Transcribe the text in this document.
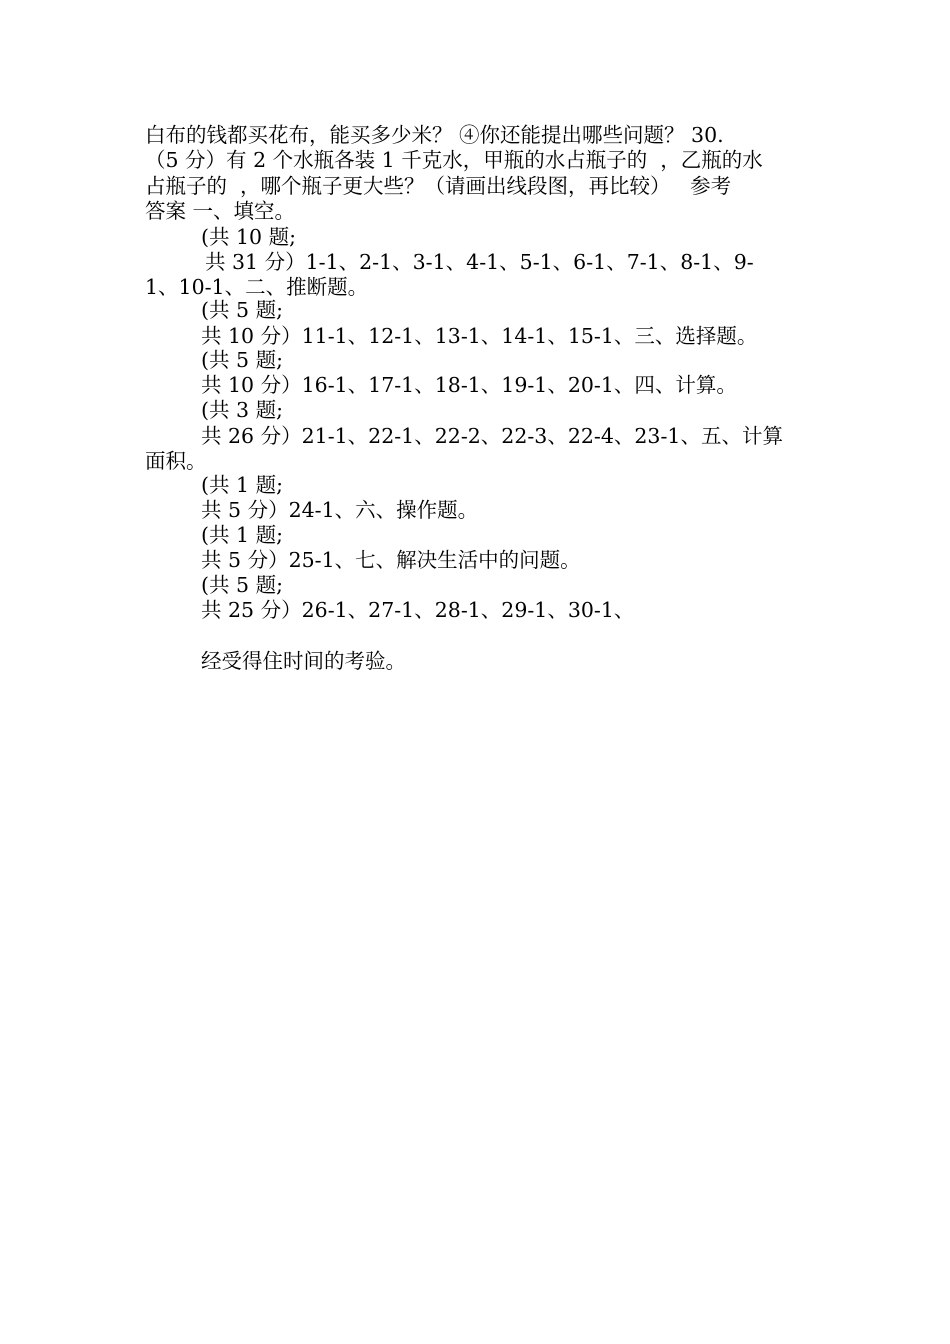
白布的钱都买花布，能买多少米？ ④你还能提出哪些问题？ 30.
（5 分）有 2 个水瓶各装 1 千克水，甲瓶的水占瓶子的  ，乙瓶的水
占瓶子的  ，哪个瓶子更大些？（请画出线段图，再比较）   参考
答案 一、填空。
(共 10 题;
共 31 分）1-1、2-1、3-1、4-1、5-1、6-1、7-1、8-1、9-
1、10-1、二、推断题。
(共 5 题;
共 10 分）11-1、12-1、13-1、14-1、15-1、三、选择题。
(共 5 题;
共 10 分）16-1、17-1、18-1、19-1、20-1、四、计算。
(共 3 题;
共 26 分）21-1、22-1、22-2、22-3、22-4、23-1、五、计算
面积。
(共 1 题;
共 5 分）24-1、六、操作题。
(共 1 题;
共 5 分）25-1、七、解决生活中的问题。
(共 5 题;
共 25 分）26-1、27-1、28-1、29-1、30-1、
经受得住时间的考验。
